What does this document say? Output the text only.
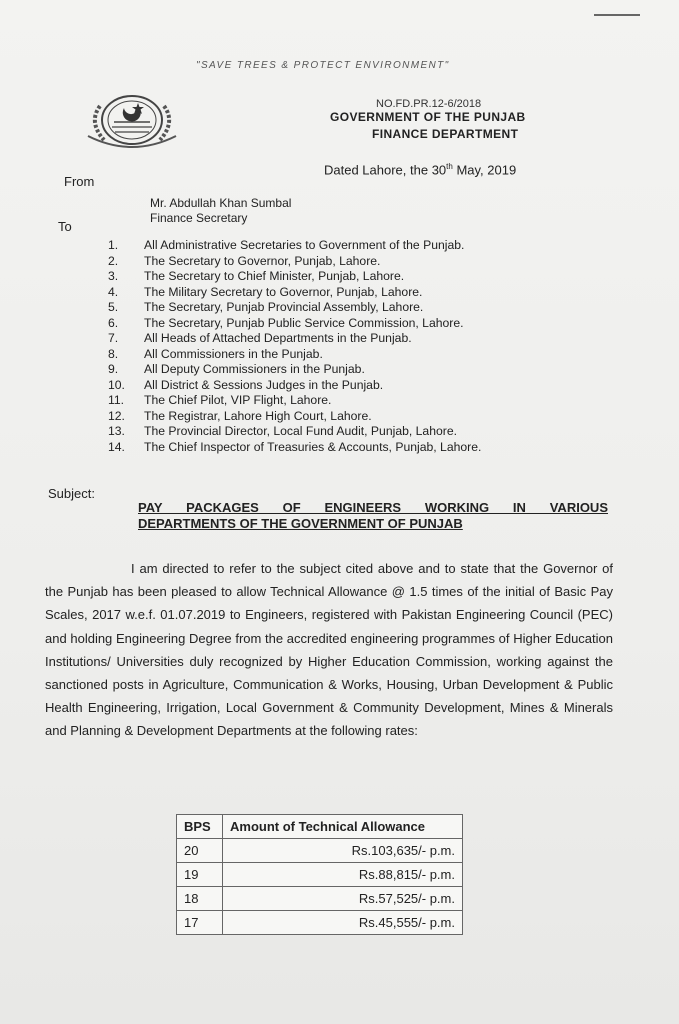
"SAVE TREES & PROTECT ENVIRONMENT"
NO.FD.PR.12-6/2018
GOVERNMENT OF THE PUNJAB
FINANCE DEPARTMENT
Dated Lahore, the 30th May, 2019
From
Mr. Abdullah Khan Sumbal
Finance Secretary
To
1.	All Administrative Secretaries to Government of the Punjab.
2.	The Secretary to Governor, Punjab, Lahore.
3.	The Secretary to Chief Minister, Punjab, Lahore.
4.	The Military Secretary to Governor, Punjab, Lahore.
5.	The Secretary, Punjab Provincial Assembly, Lahore.
6.	The Secretary, Punjab Public Service Commission, Lahore.
7.	All Heads of Attached Departments in the Punjab.
8.	All Commissioners in the Punjab.
9.	All Deputy Commissioners in the Punjab.
10.	All District & Sessions Judges in the Punjab.
11.	The Chief Pilot, VIP Flight, Lahore.
12.	The Registrar, Lahore High Court, Lahore.
13.	The Provincial Director, Local Fund Audit, Punjab, Lahore.
14.	The Chief Inspector of Treasuries & Accounts, Punjab, Lahore.
Subject:
PAY PACKAGES OF ENGINEERS WORKING IN VARIOUS
DEPARTMENTS OF THE GOVERNMENT OF PUNJAB
I am directed to refer to the subject cited above and to state that the Governor of the Punjab has been pleased to allow Technical Allowance @ 1.5 times of the initial of Basic Pay Scales, 2017 w.e.f. 01.07.2019 to Engineers, registered with Pakistan Engineering Council (PEC) and holding Engineering Degree from the accredited engineering programmes of Higher Education Institutions/ Universities duly recognized by Higher Education Commission, working against the sanctioned posts in Agriculture, Communication & Works, Housing, Urban Development & Public Health Engineering, Irrigation, Local Government & Community Development, Mines & Minerals and Planning & Development Departments at the following rates:
BPS	Amount of Technical Allowance
20	Rs.103,635/- p.m.
19	Rs.88,815/- p.m.
18	Rs.57,525/- p.m.
17	Rs.45,555/- p.m.
